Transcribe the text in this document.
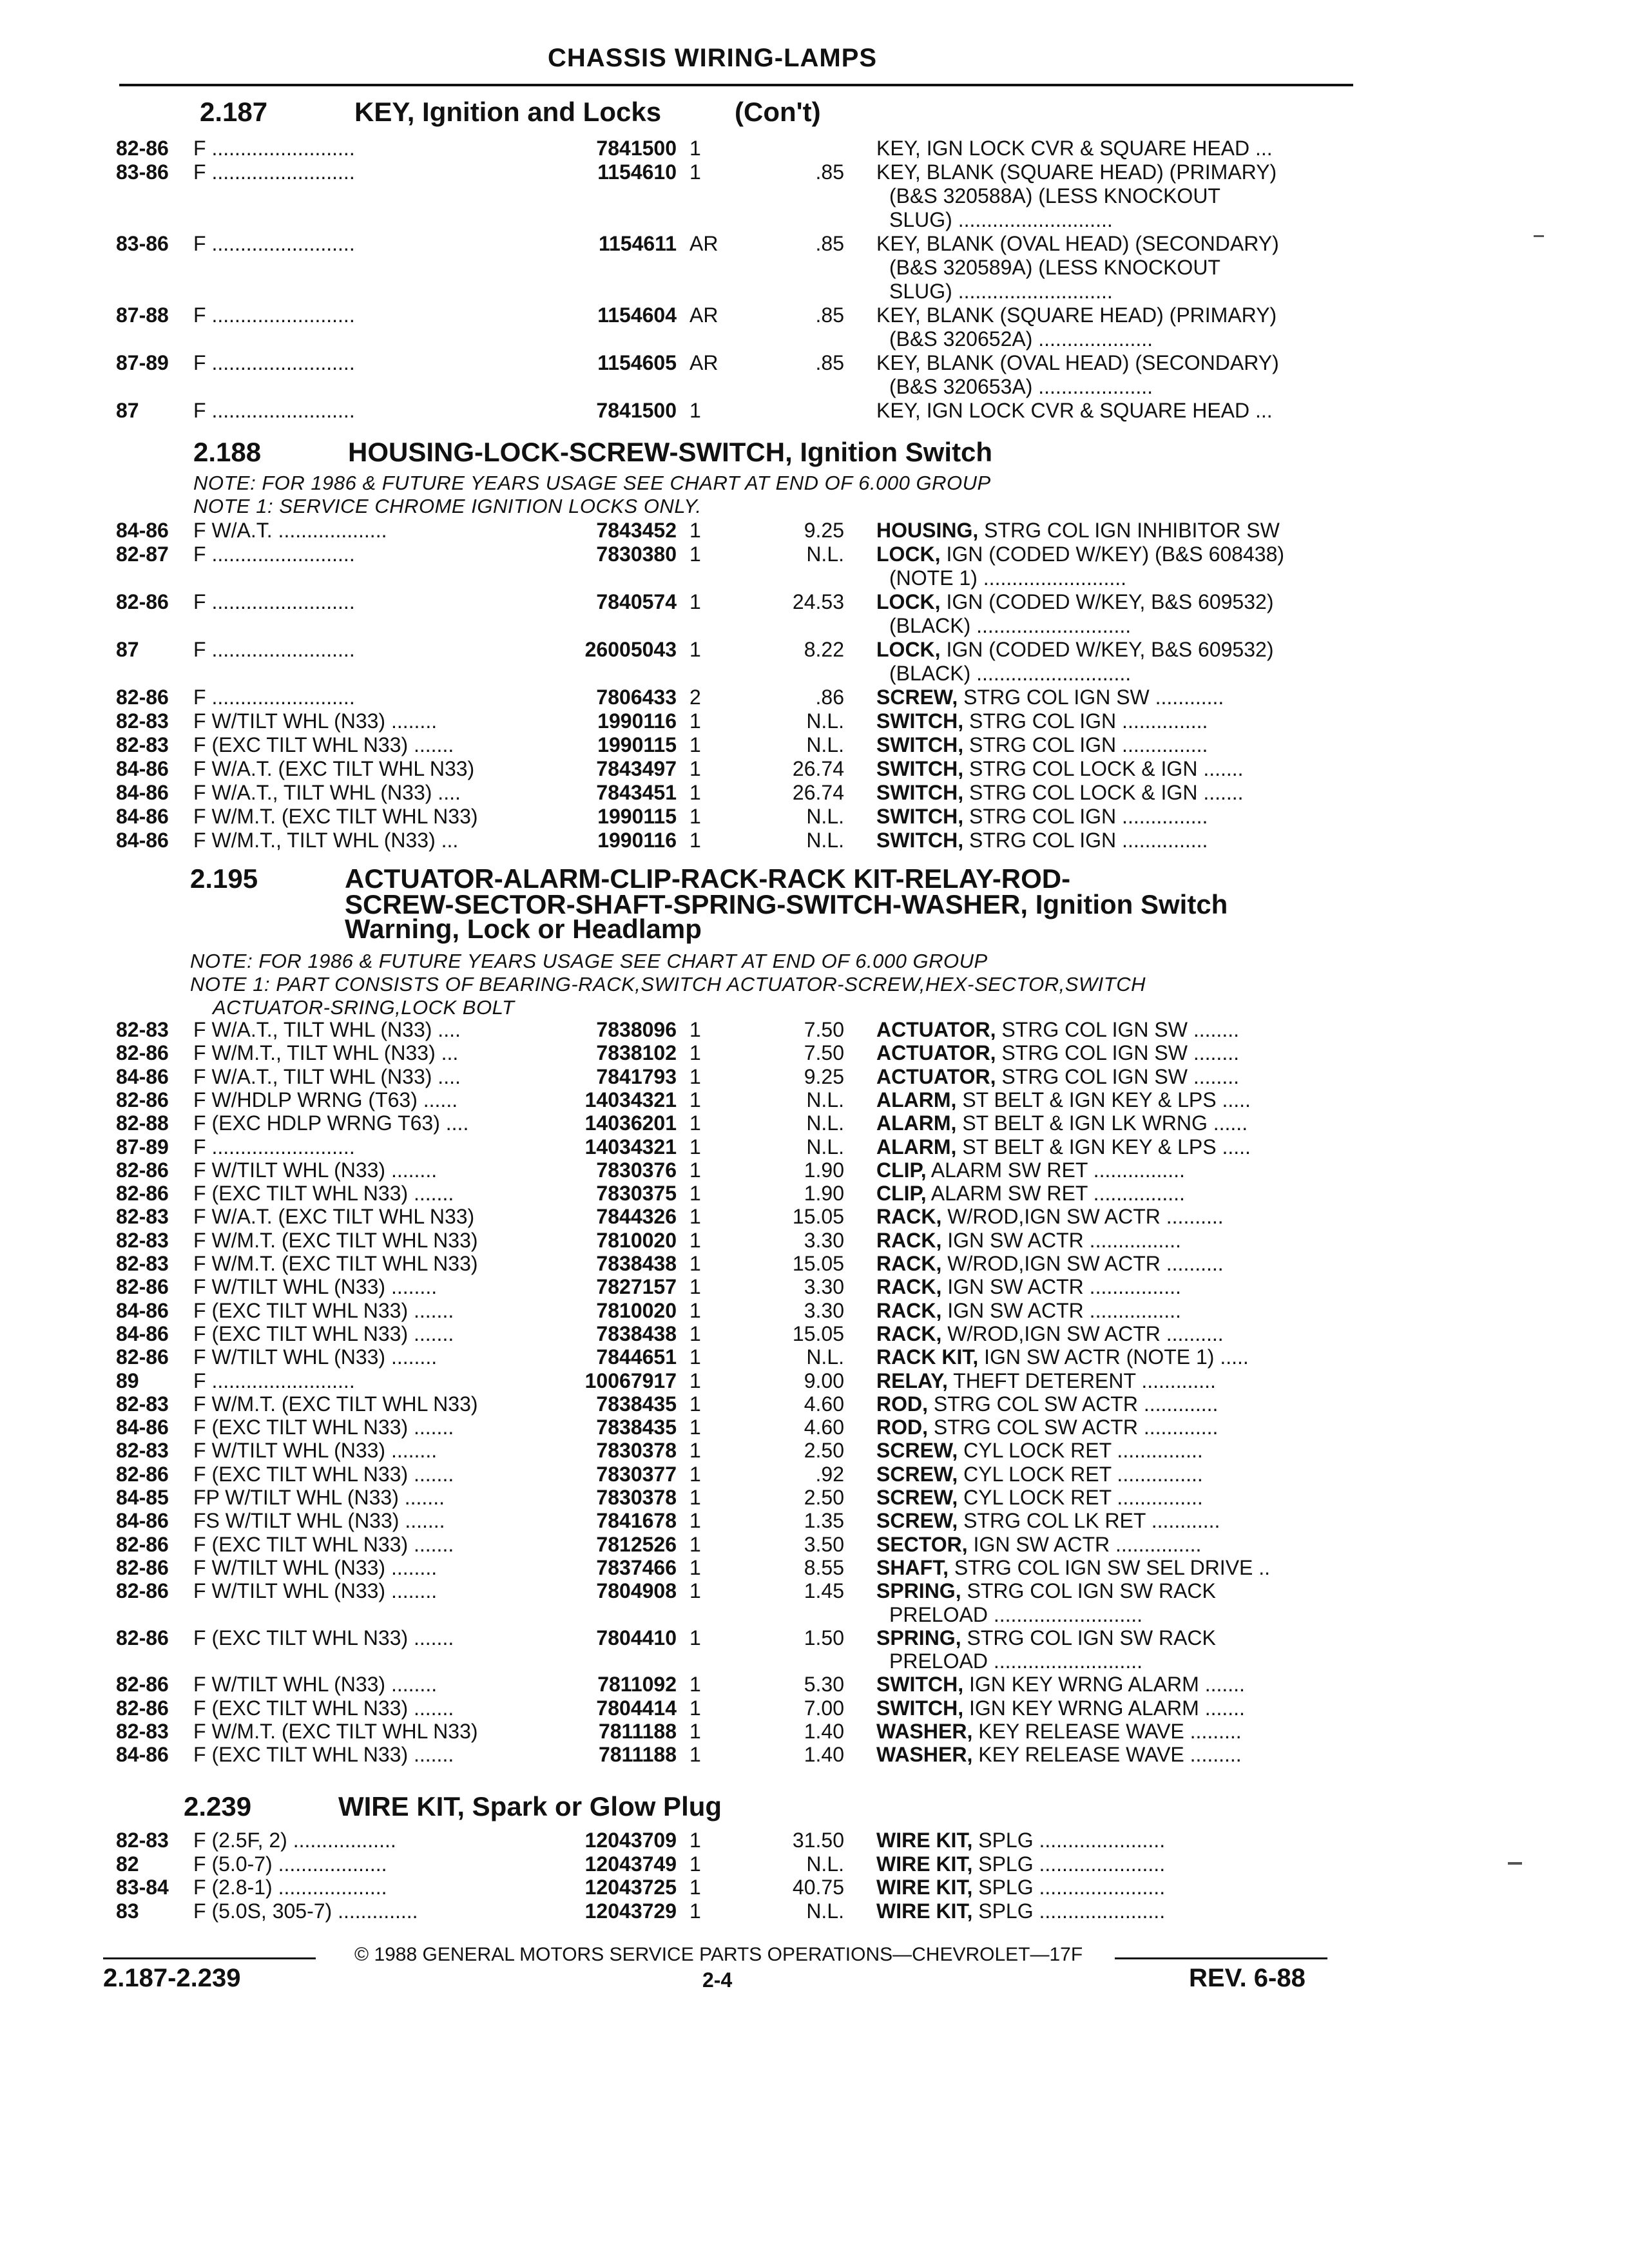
CHASSIS WIRING-LAMPS
2.187	KEY, Ignition and Locks	(Con't)
82-86 F .........................	7841500 1	KEY, IGN LOCK CVR & SQUARE HEAD ...
83-86 F .........................	1154610 1	.85 KEY, BLANK (SQUARE HEAD) (PRIMARY)
(B&S 320588A) (LESS KNOCKOUT
SLUG) ...........................
83-86 F .........................	1154611 AR	.85 KEY, BLANK (OVAL HEAD) (SECONDARY)
(B&S 320589A) (LESS KNOCKOUT
SLUG) ...........................
87-88 F .........................	1154604 AR	.85 KEY, BLANK (SQUARE HEAD) (PRIMARY)
(B&S 320652A) ....................
87-89 F .........................	1154605 AR	.85 KEY, BLANK (OVAL HEAD) (SECONDARY)
(B&S 320653A) ....................
87	F .........................	7841500 1	KEY, IGN LOCK CVR & SQUARE HEAD ...
2.188	HOUSING-LOCK-SCREW-SWITCH, Ignition Switch
NOTE: FOR 1986 & FUTURE YEARS USAGE SEE CHART AT END OF 6.000 GROUP
NOTE 1: SERVICE CHROME IGNITION LOCKS ONLY.
84-86 F W/A.T. ...................	7843452 1	9.25 HOUSING, STRG COL IGN INHIBITOR SW
82-87 F .........................	7830380 1	N.L. LOCK, IGN (CODED W/KEY) (B&S 608438)
(NOTE 1) .........................
82-86 F .........................	7840574 1	24.53 LOCK, IGN (CODED W/KEY, B&S 609532)
(BLACK) ...........................
87	F .........................	26005043 1	8.22 LOCK, IGN (CODED W/KEY, B&S 609532)
(BLACK) ...........................
82-86 F .........................	7806433 2	.86 SCREW, STRG COL IGN SW ............
82-83 F W/TILT WHL (N33) ........	1990116 1	N.L. SWITCH, STRG COL IGN ...............
82-83 F (EXC TILT WHL N33) .......	1990115 1	N.L. SWITCH, STRG COL IGN ...............
84-86 F W/A.T. (EXC TILT WHL N33)	7843497 1	26.74 SWITCH, STRG COL LOCK & IGN .......
84-86 F W/A.T., TILT WHL (N33) ....	7843451 1	26.74 SWITCH, STRG COL LOCK & IGN .......
84-86 F W/M.T. (EXC TILT WHL N33)	1990115 1	N.L. SWITCH, STRG COL IGN ...............
84-86 F W/M.T., TILT WHL (N33) ...	1990116 1	N.L. SWITCH, STRG COL IGN ...............
2.195	ACTUATOR-ALARM-CLIP-RACK-RACK KIT-RELAY-ROD-
SCREW-SECTOR-SHAFT-SPRING-SWITCH-WASHER, Ignition Switch
Warning, Lock or Headlamp
NOTE: FOR 1986 & FUTURE YEARS USAGE SEE CHART AT END OF 6.000 GROUP
NOTE 1: PART CONSISTS OF BEARING-RACK,SWITCH ACTUATOR-SCREW,HEX-SECTOR,SWITCH
ACTUATOR-SRING,LOCK BOLT
82-83 F W/A.T., TILT WHL (N33) ....	7838096 1	7.50 ACTUATOR, STRG COL IGN SW ........
82-86 F W/M.T., TILT WHL (N33) ...	7838102 1	7.50 ACTUATOR, STRG COL IGN SW ........
84-86 F W/A.T., TILT WHL (N33) ....	7841793 1	9.25 ACTUATOR, STRG COL IGN SW ........
82-86 F W/HDLP WRNG (T63) ......	14034321 1	N.L. ALARM, ST BELT & IGN KEY & LPS .....
82-88 F (EXC HDLP WRNG T63) ....	14036201 1	N.L. ALARM, ST BELT & IGN LK WRNG ......
87-89 F .........................	14034321 1	N.L. ALARM, ST BELT & IGN KEY & LPS .....
82-86 F W/TILT WHL (N33) ........	7830376 1	1.90 CLIP, ALARM SW RET ................
82-86 F (EXC TILT WHL N33) .......	7830375 1	1.90 CLIP, ALARM SW RET ................
82-83 F W/A.T. (EXC TILT WHL N33)	7844326 1	15.05 RACK, W/ROD,IGN SW ACTR ..........
82-83 F W/M.T. (EXC TILT WHL N33)	7810020 1	3.30 RACK, IGN SW ACTR ................
82-83 F W/M.T. (EXC TILT WHL N33)	7838438 1	15.05 RACK, W/ROD,IGN SW ACTR ..........
82-86 F W/TILT WHL (N33) ........	7827157 1	3.30 RACK, IGN SW ACTR ................
84-86 F (EXC TILT WHL N33) .......	7810020 1	3.30 RACK, IGN SW ACTR ................
84-86 F (EXC TILT WHL N33) .......	7838438 1	15.05 RACK, W/ROD,IGN SW ACTR ..........
82-86 F W/TILT WHL (N33) ........	7844651 1	N.L. RACK KIT, IGN SW ACTR (NOTE 1) .....
89	F .........................	10067917 1	9.00 RELAY, THEFT DETERENT .............
82-83 F W/M.T. (EXC TILT WHL N33)	7838435 1	4.60 ROD, STRG COL SW ACTR .............
84-86 F (EXC TILT WHL N33) .......	7838435 1	4.60 ROD, STRG COL SW ACTR .............
82-83 F W/TILT WHL (N33) ........	7830378 1	2.50 SCREW, CYL LOCK RET ...............
82-86 F (EXC TILT WHL N33) .......	7830377 1	.92 SCREW, CYL LOCK RET ...............
84-85 FP W/TILT WHL (N33) .......	7830378 1	2.50 SCREW, CYL LOCK RET ...............
84-86 FS W/TILT WHL (N33) .......	7841678 1	1.35 SCREW, STRG COL LK RET ............
82-86 F (EXC TILT WHL N33) .......	7812526 1	3.50 SECTOR, IGN SW ACTR ...............
82-86 F W/TILT WHL (N33) ........	7837466 1	8.55 SHAFT, STRG COL IGN SW SEL DRIVE ..
82-86 F W/TILT WHL (N33) ........	7804908 1	1.45 SPRING, STRG COL IGN SW RACK
PRELOAD ..........................
82-86 F (EXC TILT WHL N33) .......	7804410 1	1.50 SPRING, STRG COL IGN SW RACK
PRELOAD ..........................
82-86 F W/TILT WHL (N33) ........	7811092 1	5.30 SWITCH, IGN KEY WRNG ALARM .......
82-86 F (EXC TILT WHL N33) .......	7804414 1	7.00 SWITCH, IGN KEY WRNG ALARM .......
82-83 F W/M.T. (EXC TILT WHL N33)	7811188 1	1.40 WASHER, KEY RELEASE WAVE .........
84-86 F (EXC TILT WHL N33) .......	7811188 1	1.40 WASHER, KEY RELEASE WAVE .........
2.239	WIRE KIT, Spark or Glow Plug
82-83 F (2.5F, 2) ..................	12043709 1	31.50 WIRE KIT, SPLG ......................
82	F (5.0-7) ...................	12043749 1	N.L. WIRE KIT, SPLG ......................
83-84 F (2.8-1) ...................	12043725 1	40.75 WIRE KIT, SPLG ......................
83	F (5.0S, 305-7) ..............	12043729 1	N.L. WIRE KIT, SPLG ......................
© 1988 GENERAL MOTORS SERVICE PARTS OPERATIONS—CHEVROLET—17F
2.187-2.239	2-4	REV. 6-88
